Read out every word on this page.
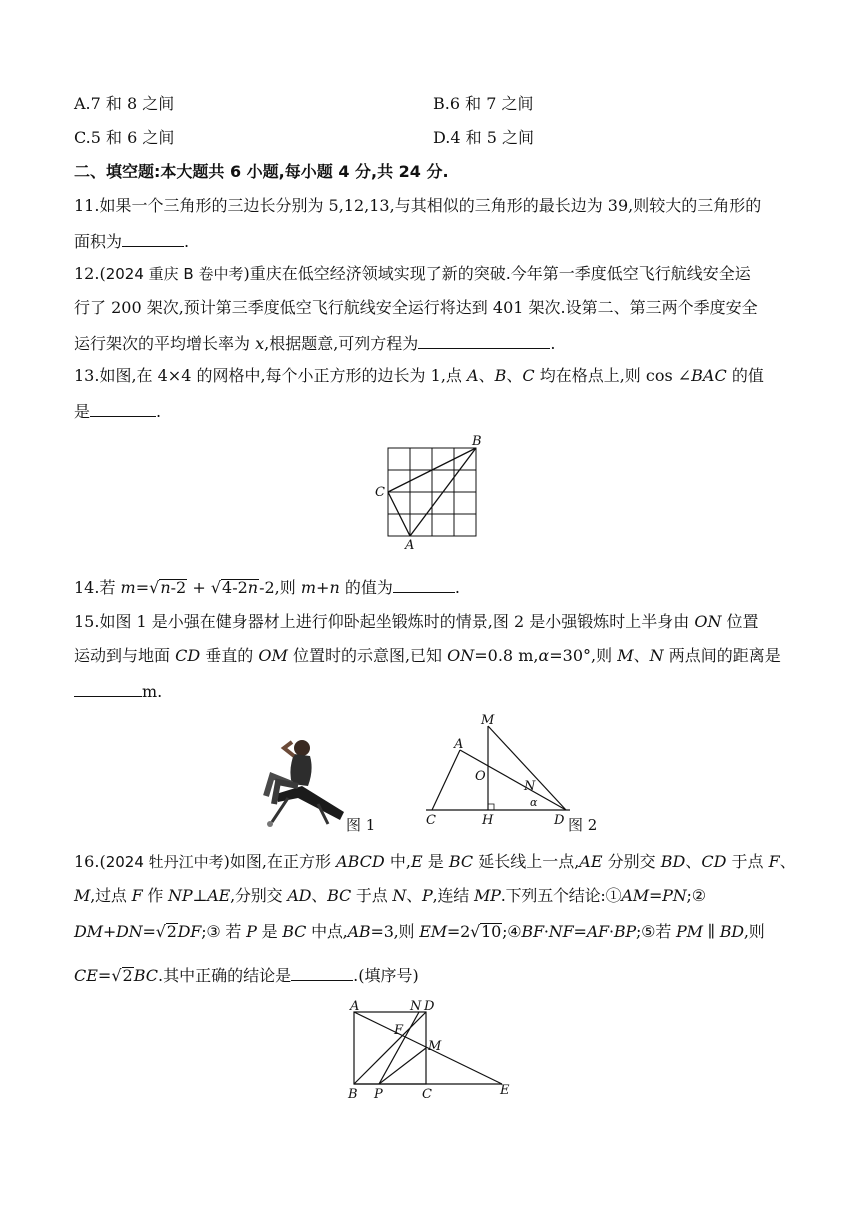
A.7 和 8 之间	B.6 和 7 之间
C.5 和 6 之间	D.4 和 5 之间
二、填空题:本大题共 6 小题,每小题 4 分,共 24 分.
11.如果一个三角形的三边长分别为 5,12,13,与其相似的三角形的最长边为 39,则较大的三角形的
面积为	.
12.(2024 重庆 B 卷中考)重庆在低空经济领域实现了新的突破.今年第一季度低空飞行航线安全运
行了 200 架次,预计第三季度低空飞行航线安全运行将达到 401 架次.设第二、第三两个季度安全
运行架次的平均增长率为 x,根据题意,可列方程为	.
13.如图,在 4×4 的网格中,每个小正方形的边长为 1,点 A、B、C 均在格点上,则 cos ∠BAC 的值
是	.
B
C
A
14.若 m=√n-2 + √4-2n-2,则 m+n 的值为	.
15.如图 1 是小强在健身器材上进行仰卧起坐锻炼时的情景,图 2 是小强锻炼时上半身由 ON 位置
运动到与地面 CD 垂直的 OM 位置时的示意图,已知 ON=0.8 m,α=30°,则 M、N 两点间的距离是
m.
图 1
M
A
O
N
α
C	H	D 图 2
16.(2024 牡丹江中考)如图,在正方形 ABCD 中,E 是 BC 延长线上一点,AE 分别交 BD、CD 于点 F、
M,过点 F 作 NP⊥AE,分别交 AD、BC 于点 N、P,连结 MP.下列五个结论:①AM=PN;②
DM+DN=√2DF;③ 若 P 是 BC 中点,AB=3,则 EM=2√10;④BF·NF=AF·BP;⑤若 PM ∥ BD,则
CE=√2BC.其中正确的结论是	.(填序号)
A	N D
F
M
B P	C	E
